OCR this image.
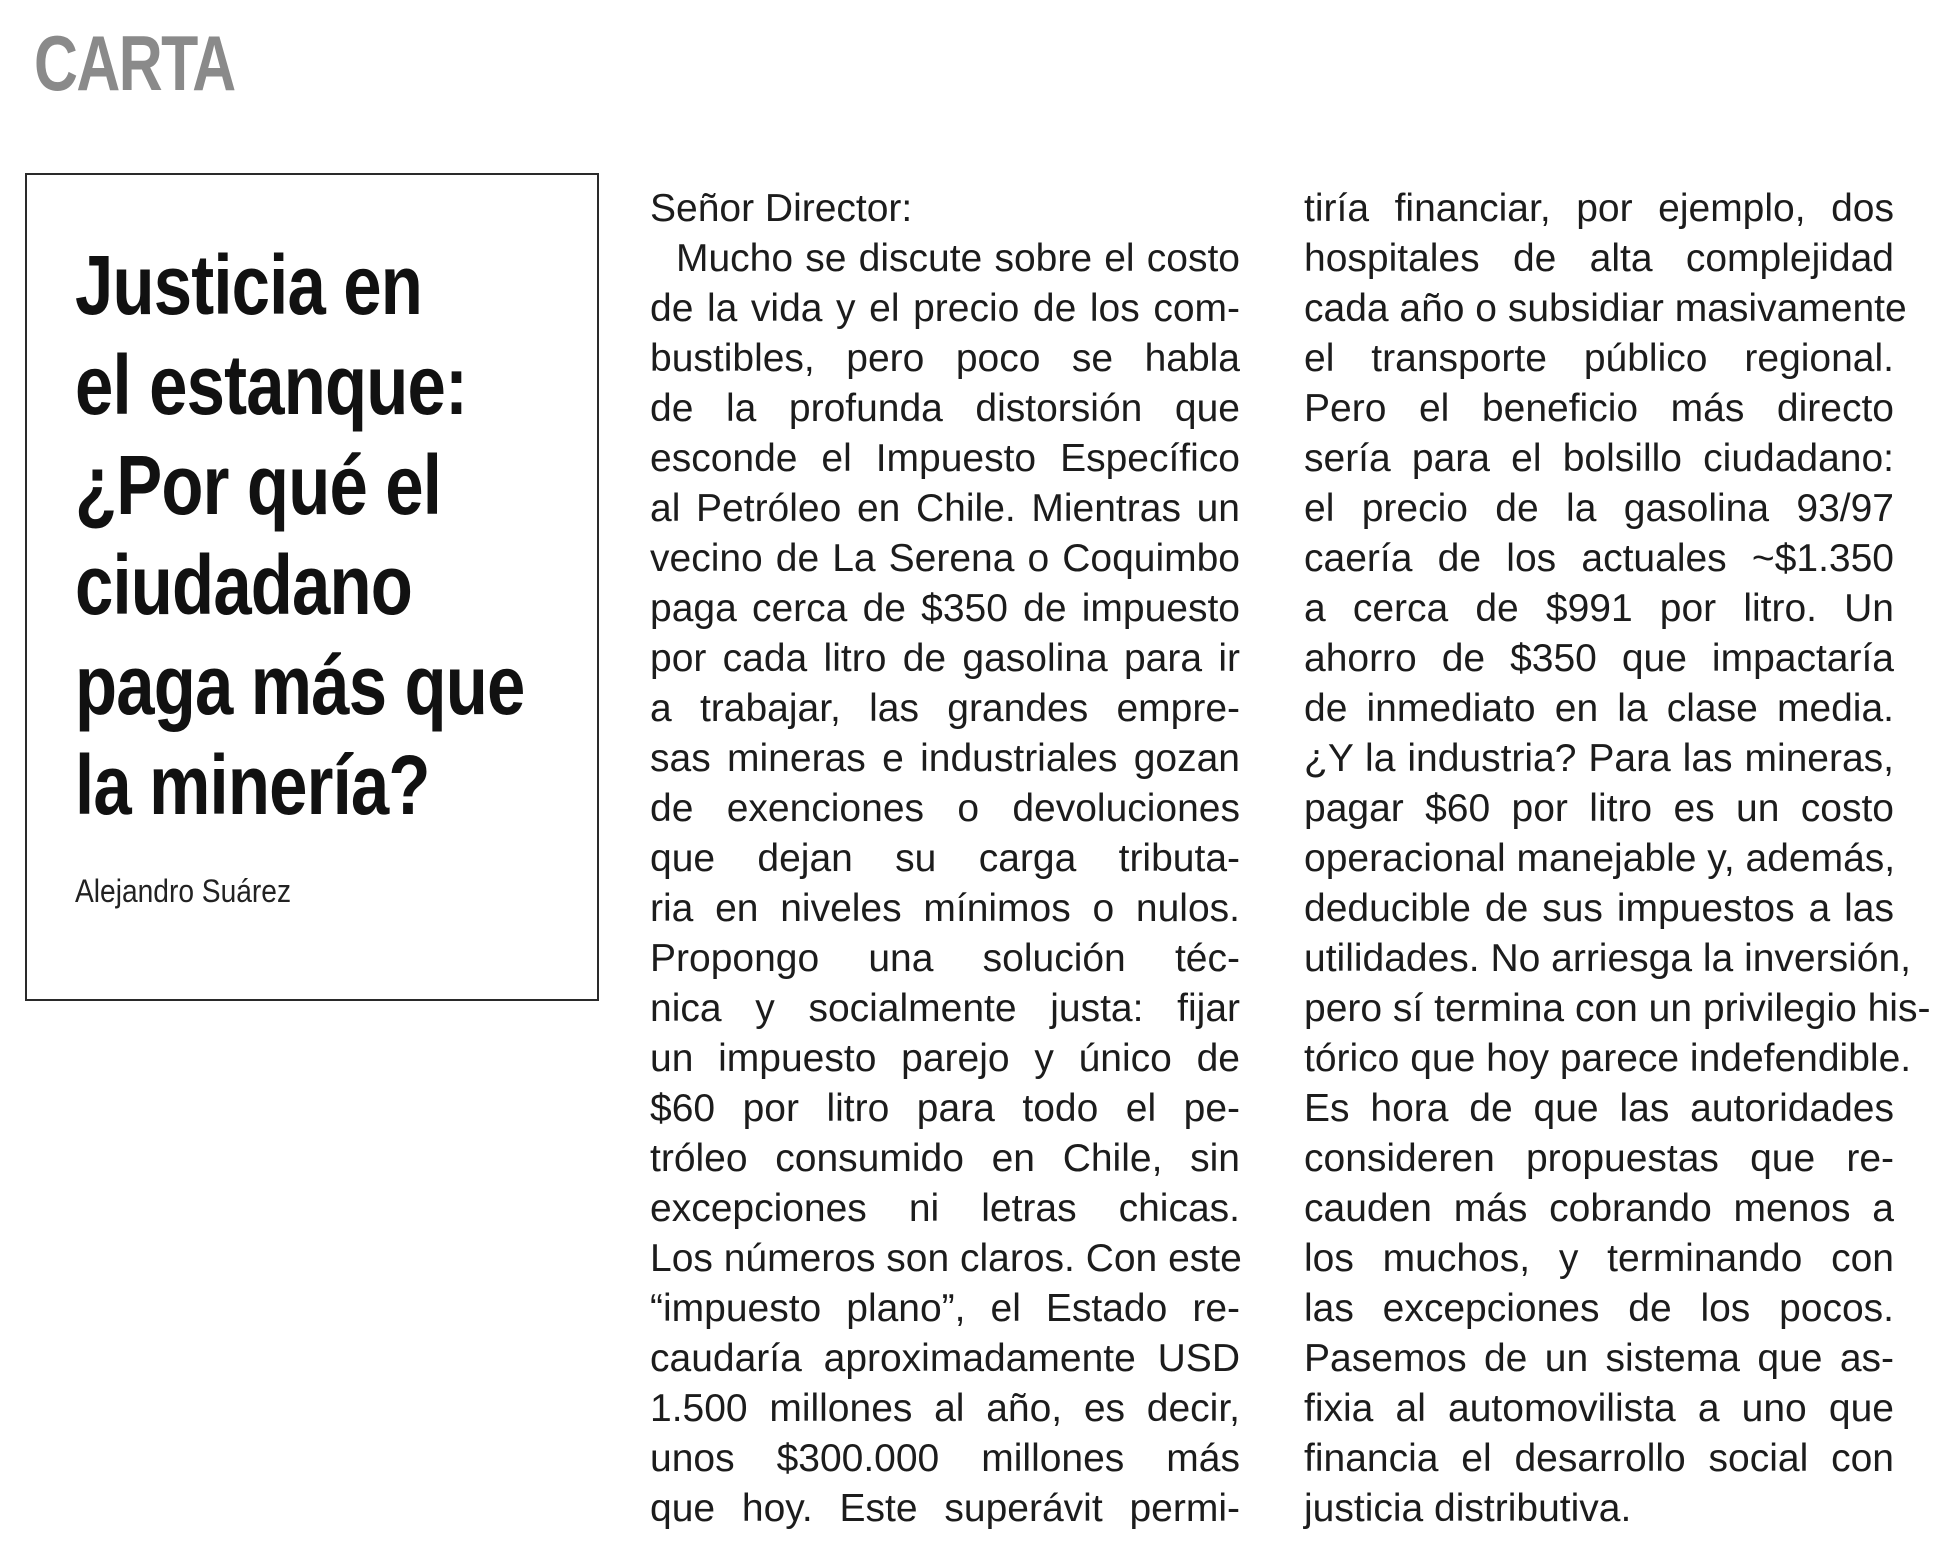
CARTA
Justicia en
el estanque:
¿Por qué el
ciudadano
paga más que
la minería?

Alejandro Suárez

Señor Director:
Mucho se discute sobre el costo
de la vida y el precio de los com-
bustibles, pero poco se habla
de la profunda distorsión que
esconde el Impuesto Específico
al Petróleo en Chile. Mientras un
vecino de La Serena o Coquimbo
paga cerca de $350 de impuesto
por cada litro de gasolina para ir
a trabajar, las grandes empre-
sas mineras e industriales gozan
de exenciones o devoluciones
que dejan su carga tributa-
ria en niveles mínimos o nulos.
Propongo una solución téc-
nica y socialmente justa: fijar
un impuesto parejo y único de
$60 por litro para todo el pe-
tróleo consumido en Chile, sin
excepciones ni letras chicas.
Los números son claros. Con este
“impuesto plano”, el Estado re-
caudaría aproximadamente USD
1.500 millones al año, es decir,
unos $300.000 millones más
que hoy. Este superávit permi-
tiría financiar, por ejemplo, dos
hospitales de alta complejidad
cada año o subsidiar masivamente
el transporte público regional.
Pero el beneficio más directo
sería para el bolsillo ciudadano:
el precio de la gasolina 93/97
caería de los actuales ~$1.350
a cerca de $991 por litro. Un
ahorro de $350 que impactaría
de inmediato en la clase media.
¿Y la industria? Para las mineras,
pagar $60 por litro es un costo
operacional manejable y, además,
deducible de sus impuestos a las
utilidades. No arriesga la inversión,
pero sí termina con un privilegio his-
tórico que hoy parece indefendible.
Es hora de que las autoridades
consideren propuestas que re-
cauden más cobrando menos a
los muchos, y terminando con
las excepciones de los pocos.
Pasemos de un sistema que as-
fixia al automovilista a uno que
financia el desarrollo social con
justicia distributiva.
